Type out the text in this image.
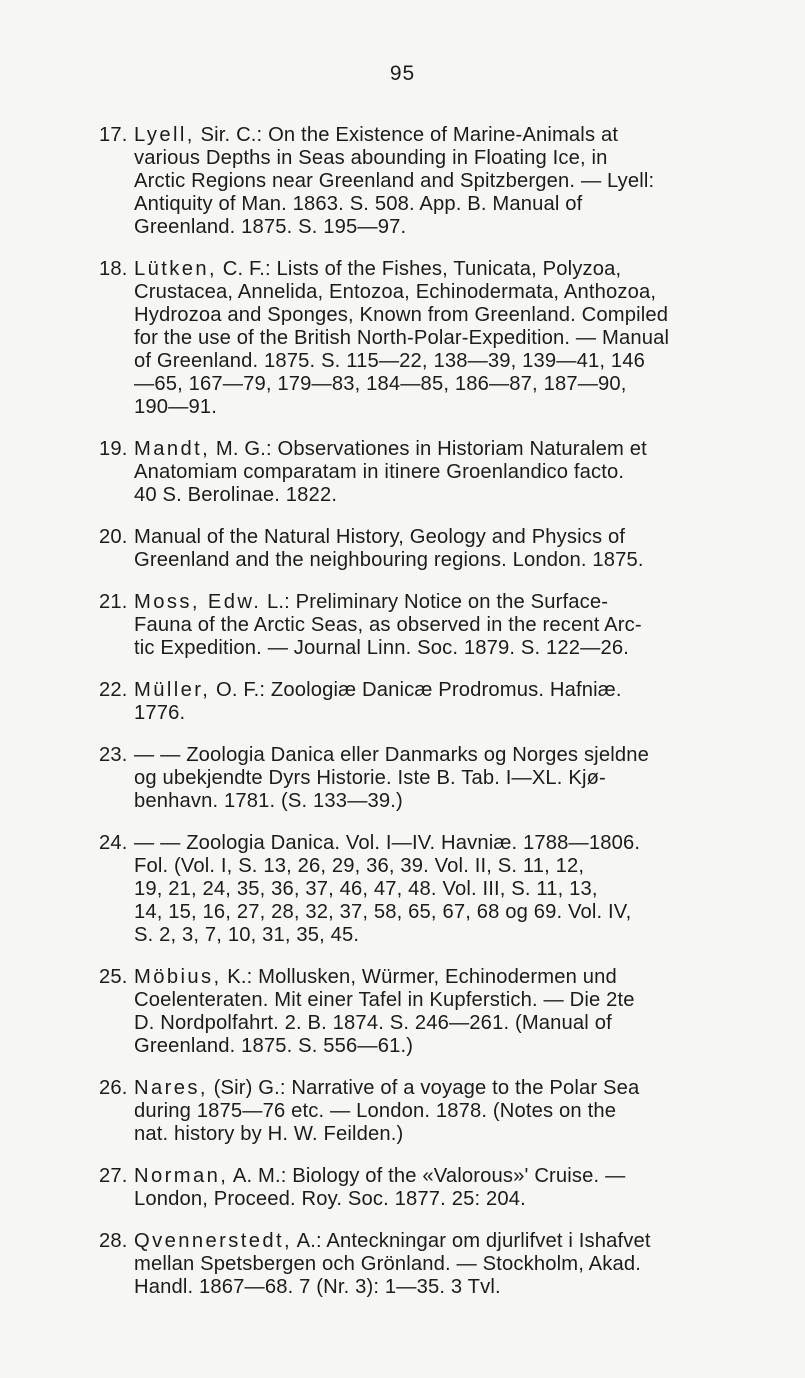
95
17. Lyell, Sir. C.: On the Existence of Marine-Animals at
various Depths in Seas abounding in Floating Ice, in
Arctic Regions near Greenland and Spitzbergen. — Lyell:
Antiquity of Man. 1863. S. 508. App. B. Manual of
Greenland. 1875. S. 195—97.
18. Lütken, C. F.: Lists of the Fishes, Tunicata, Polyzoa,
Crustacea, Annelida, Entozoa, Echinodermata, Anthozoa,
Hydrozoa and Sponges, Known from Greenland. Compiled
for the use of the British North-Polar-Expedition. — Manual
of Greenland. 1875. S. 115—22, 138—39, 139—41, 146
—65, 167—79, 179—83, 184—85, 186—87, 187—90,
190—91.
19. Mandt, M. G.: Observationes in Historiam Naturalem et
Anatomiam comparatam in itinere Groenlandico facto.
40 S. Berolinae. 1822.
20. Manual of the Natural History, Geology and Physics of
Greenland and the neighbouring regions. London. 1875.
21. Moss, Edw. L.: Preliminary Notice on the Surface-
Fauna of the Arctic Seas, as observed in the recent Arc-
tic Expedition. — Journal Linn. Soc. 1879. S. 122—26.
22. Müller, O. F.: Zoologiæ Danicæ Prodromus. Hafniæ.
1776.
23. — — Zoologia Danica eller Danmarks og Norges sjeldne
og ubekjendte Dyrs Historie. Iste B. Tab. I—XL. Kjø-
benhavn. 1781. (S. 133—39.)
24. — — Zoologia Danica. Vol. I—IV. Havniæ. 1788—1806.
Fol. (Vol. I, S. 13, 26, 29, 36, 39. Vol. II, S. 11, 12,
19, 21, 24, 35, 36, 37, 46, 47, 48. Vol. III, S. 11, 13,
14, 15, 16, 27, 28, 32, 37, 58, 65, 67, 68 og 69. Vol. IV,
S. 2, 3, 7, 10, 31, 35, 45.
25. Möbius, K.: Mollusken, Würmer, Echinodermen und
Coelenteraten. Mit einer Tafel in Kupferstich. — Die 2te
D. Nordpolfahrt. 2. B. 1874. S. 246—261. (Manual of
Greenland. 1875. S. 556—61.)
26. Nares, (Sir) G.: Narrative of a voyage to the Polar Sea
during 1875—76 etc. — London. 1878. (Notes on the
nat. history by H. W. Feilden.)
27. Norman, A. M.: Biology of the «Valorous»' Cruise. —
London, Proceed. Roy. Soc. 1877. 25: 204.
28. Qvennerstedt, A.: Anteckningar om djurlifvet i Ishafvet
mellan Spetsbergen och Grönland. — Stockholm, Akad.
Handl. 1867—68. 7 (Nr. 3): 1—35. 3 Tvl.
